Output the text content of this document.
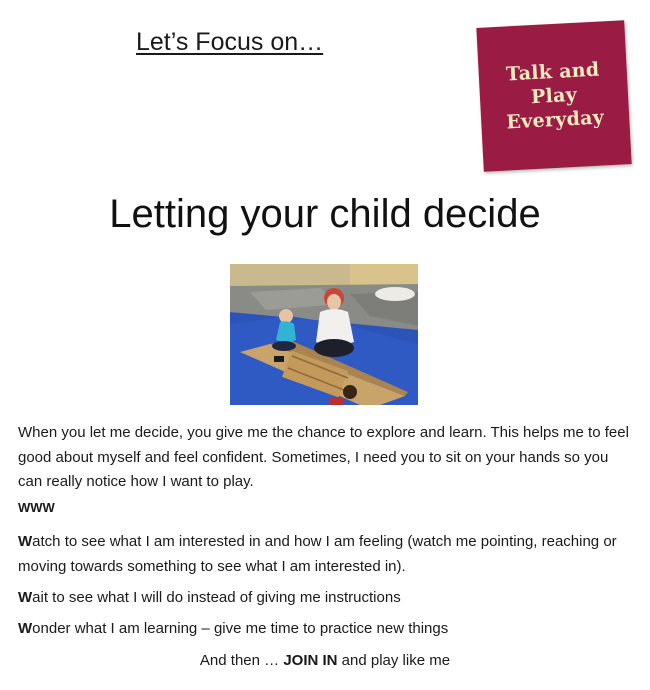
Let’s Focus on…
Talk and
Play
Everyday
Letting your child decide

When you let me decide, you give me the chance to explore and learn. This helps me to feel good about myself and feel confident. Sometimes, I need you to sit on your hands so you can really notice how I want to play.

WWW

Watch to see what I am interested in and how I am feeling (watch me pointing, reaching or moving towards something to see what I am interested in).

Wait to see what I will do instead of giving me instructions

Wonder what I am learning – give me time to practice new things

And then … JOIN IN and play like me
